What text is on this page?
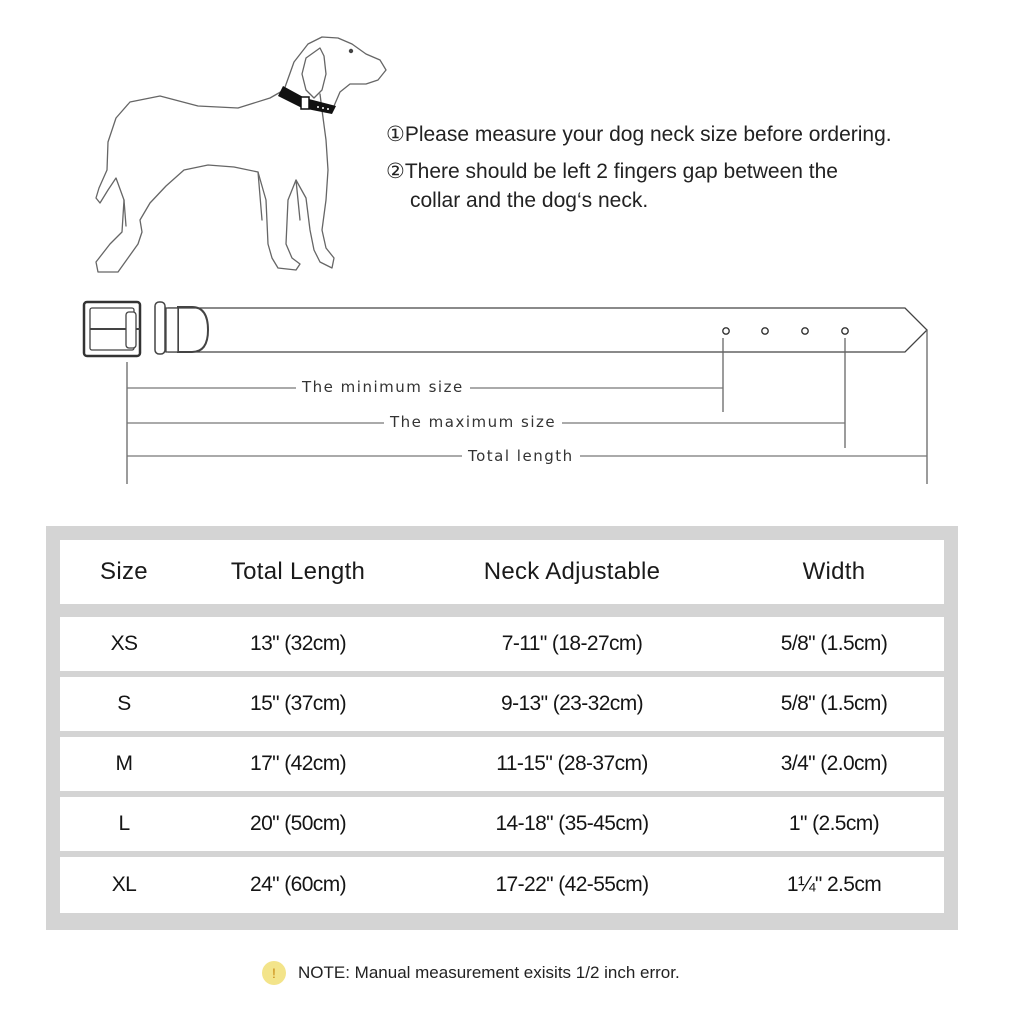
①Please measure your dog neck size before ordering.
②There should be left 2 fingers gap between the
collar and the dog‘s neck.
The minimum size
The maximum size
Total length
Size	Total Length	Neck Adjustable	Width
XS	13" (32cm)	7-11" (18-27cm)	5/8" (1.5cm)
S	15" (37cm)	9-13" (23-32cm)	5/8" (1.5cm)
M	17" (42cm)	11-15" (28-37cm)	3/4" (2.0cm)
L	20" (50cm)	14-18" (35-45cm)	1" (2.5cm)
XL	24" (60cm)	17-22" (42-55cm)	1¼" 2.5cm
!	NOTE: Manual measurement exisits 1/2 inch error.
